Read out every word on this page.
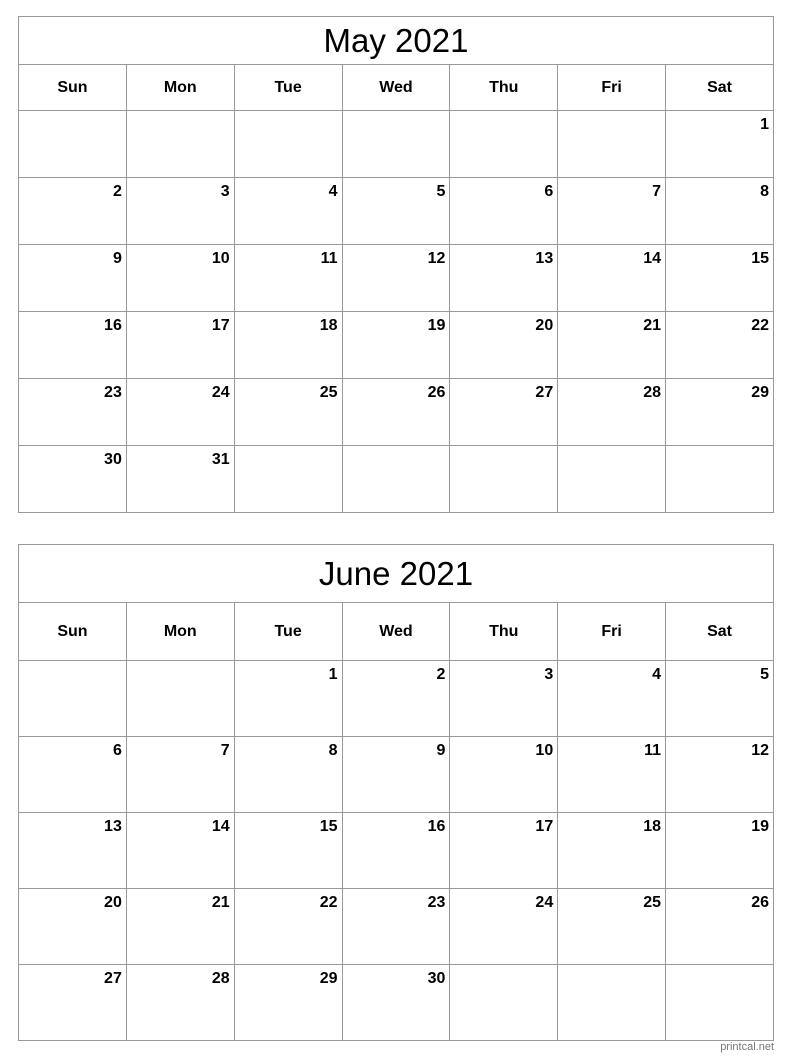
May 2021						
Sun	Mon	Tue	Wed	Thu	Fri	Sat
						1
2	3	4	5	6	7	8
9	10	11	12	13	14	15
16	17	18	19	20	21	22
23	24	25	26	27	28	29
30	31					
June 2021						
Sun	Mon	Tue	Wed	Thu	Fri	Sat
		1	2	3	4	5
6	7	8	9	10	11	12
13	14	15	16	17	18	19
20	21	22	23	24	25	26
27	28	29	30			
printcal.net
